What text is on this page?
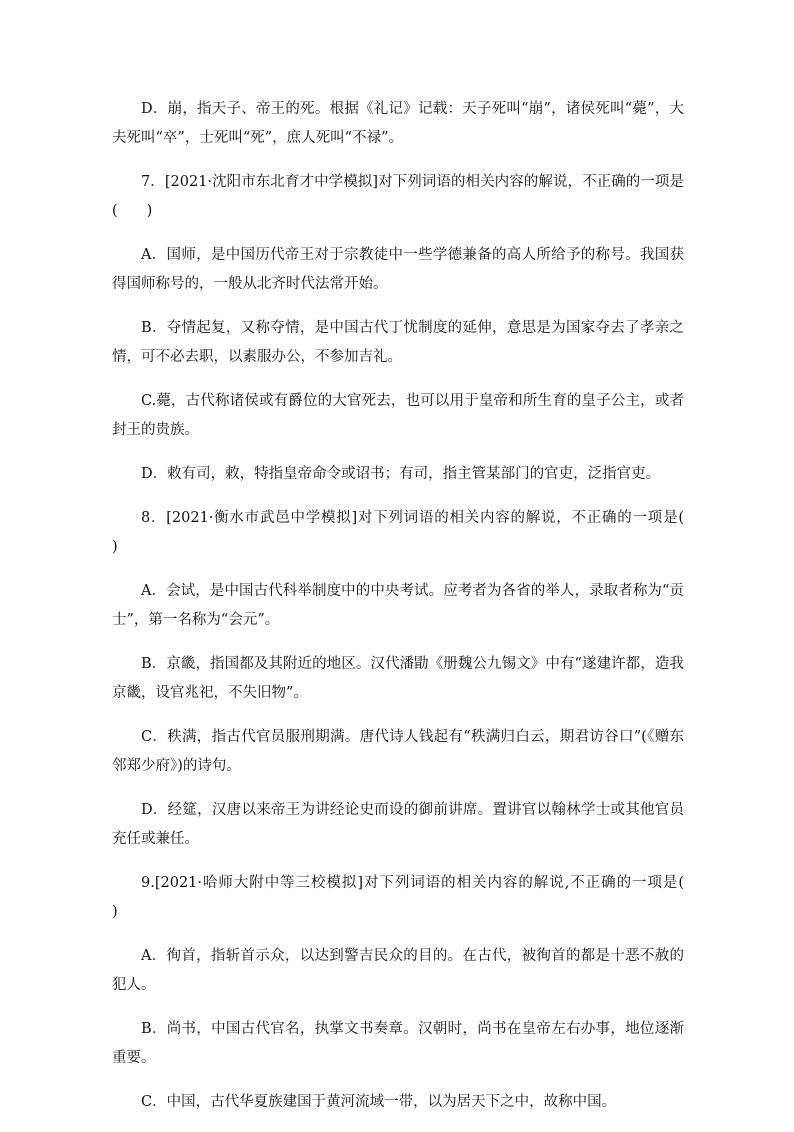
D．崩，指天子、帝王的死。根据《礼记》记载：天子死叫“崩”，诸侯死叫“薨”，大夫死叫“卒”，士死叫“死”，庶人死叫“不禄”。

7．[2021·沈阳市东北育才中学模拟]对下列词语的相关内容的解说，不正确的一项是(　　)

A．国师，是中国历代帝王对于宗教徒中一些学德兼备的高人所给予的称号。我国获得国师称号的，一般从北齐时代法常开始。

B．夺情起复，又称夺情，是中国古代丁忧制度的延伸，意思是为国家夺去了孝亲之情，可不必去职，以素服办公，不参加吉礼。

C.薨，古代称诸侯或有爵位的大官死去，也可以用于皇帝和所生育的皇子公主，或者封王的贵族。

D．敕有司，敕，特指皇帝命令或诏书；有司，指主管某部门的官吏，泛指官吏。

8．[2021·衡水市武邑中学模拟]对下列词语的相关内容的解说，不正确的一项是(　　)

A．会试，是中国古代科举制度中的中央考试。应考者为各省的举人，录取者称为“贡士”，第一名称为“会元”。

B．京畿，指国都及其附近的地区。汉代潘勖《册魏公九锡文》中有“遂建许都，造我京畿，设官兆祀，不失旧物”。

C．秩满，指古代官员服刑期满。唐代诗人钱起有“秩满归白云，期君访谷口”(《赠东邻郑少府》)的诗句。

D．经筵，汉唐以来帝王为讲经论史而设的御前讲席。置讲官以翰林学士或其他官员充任或兼任。

9.[2021·哈师大附中等三校模拟]对下列词语的相关内容的解说,不正确的一项是(　　)

A．徇首，指斩首示众，以达到警吉民众的目的。在古代，被徇首的都是十恶不赦的犯人。

B．尚书，中国古代官名，执掌文书奏章。汉朝时，尚书在皇帝左右办事，地位逐渐重要。

C．中国，古代华夏族建国于黄河流域一带，以为居天下之中，故称中国。
